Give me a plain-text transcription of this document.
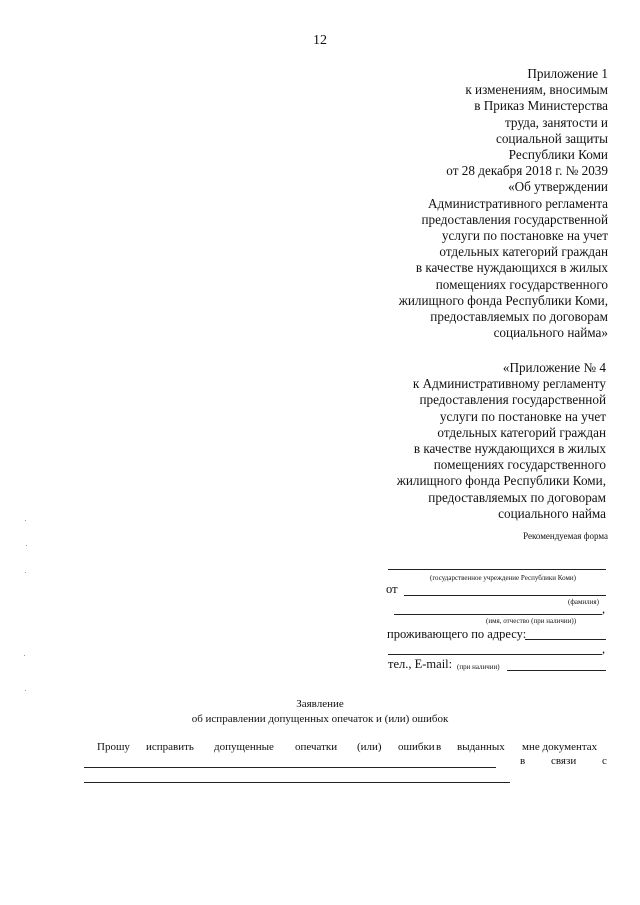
12
Приложение 1
к изменениям, вносимым
в Приказ Министерства
труда, занятости и
социальной защиты
Республики Коми
от 28 декабря 2018 г. № 2039
«Об утверждении
Административного регламента
предоставления государственной
услуги по постановке на учет
отдельных категорий граждан
в качестве нуждающихся в жилых
помещениях государственного
жилищного фонда Республики Коми,
предоставляемых по договорам
социального найма»
«Приложение № 4
к Административному регламенту
предоставления государственной
услуги по постановке на учет
отдельных категорий граждан
в качестве нуждающихся в жилых
помещениях государственного
жилищного фонда Республики Коми,
предоставляемых по договорам
социального найма
Рекомендуемая форма
(государственное учреждение Республики Коми)
от
(фамилия) ,
(имя, отчество (при наличии))
проживающего по адресу:
,
тел., E-mail: (при наличии)
Заявление
об исправлении допущенных опечаток и (или) ошибок
Прошу исправить допущенные опечатки (или) ошибки в выданных мне документах
в связи с
